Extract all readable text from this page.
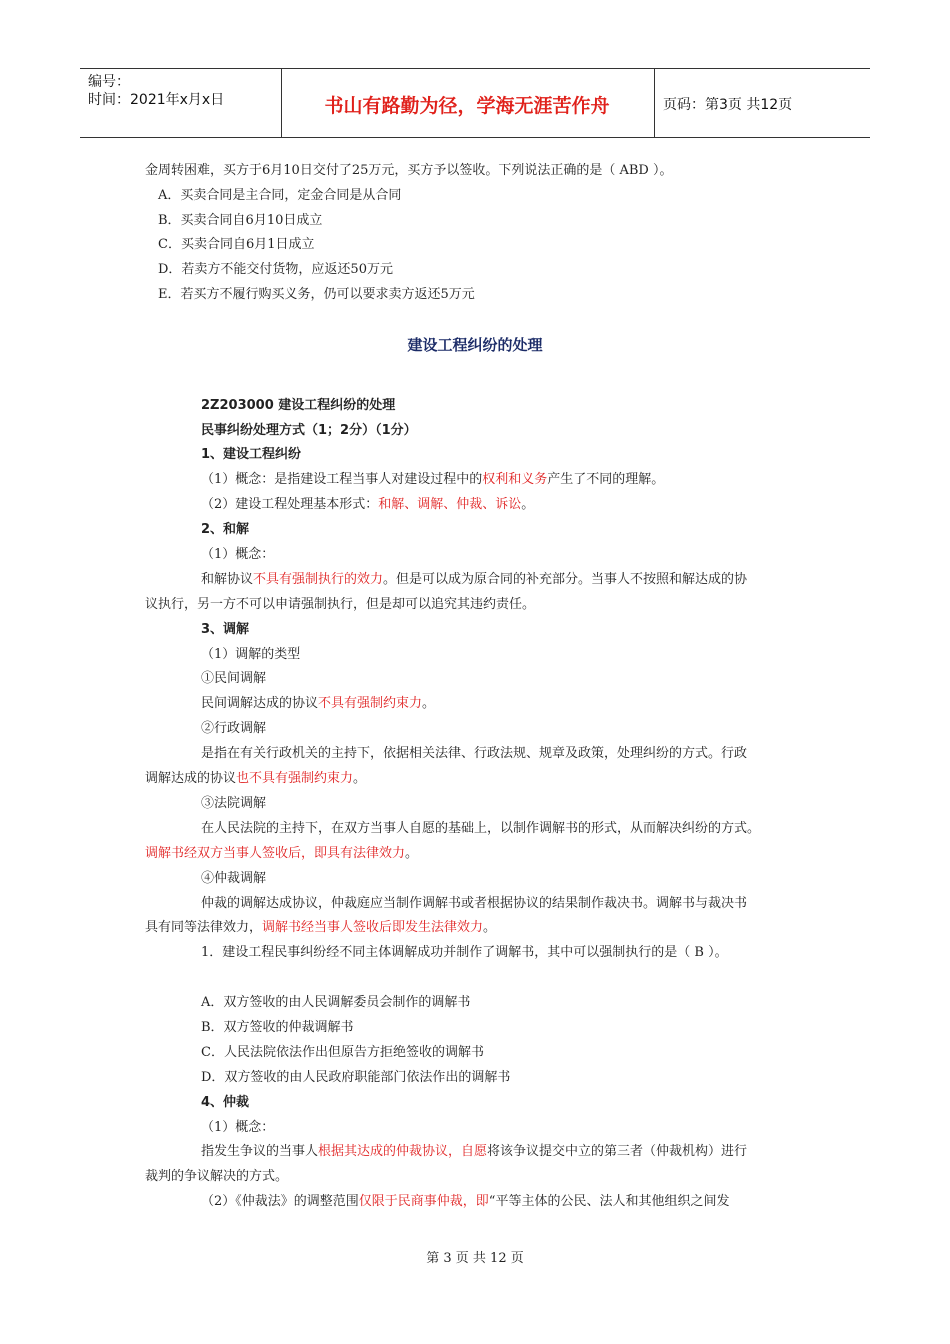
编号：
时间：2021年x月x日	书山有路勤为径，学海无涯苦作舟	页码：第3页 共12页
建设工程纠纷的处理
金周转困难，买方于6月10日交付了25万元，买方予以签收。下列说法正确的是（ ABD ）。
A．买卖合同是主合同，定金合同是从合同
B．买卖合同自6月10日成立
C．买卖合同自6月1日成立
D．若卖方不能交付货物，应返还50万元
E．若买方不履行购买义务，仍可以要求卖方返还5万元
2Z203000 建设工程纠纷的处理
民事纠纷处理方式（1；2分）（1分）
1、建设工程纠纷
（1）概念：是指建设工程当事人对建设过程中的权利和义务产生了不同的理解。
（2）建设工程处理基本形式：和解、调解、仲裁、诉讼。
2、和解
（1）概念：
和解协议不具有强制执行的效力。但是可以成为原合同的补充部分。当事人不按照和解达成的协
议执行，另一方不可以申请强制执行，但是却可以追究其违约责任。
3、调解
（1）调解的类型
①民间调解
民间调解达成的协议不具有强制约束力。
②行政调解
是指在有关行政机关的主持下，依据相关法律、行政法规、规章及政策，处理纠纷的方式。行政
调解达成的协议也不具有强制约束力。
③法院调解
在人民法院的主持下，在双方当事人自愿的基础上，以制作调解书的形式，从而解决纠纷的方式。
调解书经双方当事人签收后，即具有法律效力。
④仲裁调解
仲裁的调解达成协议，仲裁庭应当制作调解书或者根据协议的结果制作裁决书。调解书与裁决书
具有同等法律效力，调解书经当事人签收后即发生法律效力。
1．建设工程民事纠纷经不同主体调解成功并制作了调解书，其中可以强制执行的是（ B ）。
A．双方签收的由人民调解委员会制作的调解书
B．双方签收的仲裁调解书
C．人民法院依法作出但原告方拒绝签收的调解书
D．双方签收的由人民政府职能部门依法作出的调解书
4、仲裁
（1）概念：
指发生争议的当事人根据其达成的仲裁协议，自愿将该争议提交中立的第三者（仲裁机构）进行
裁判的争议解决的方式。
（2）《仲裁法》的调整范围仅限于民商事仲裁，即“平等主体的公民、法人和其他组织之间发
第 3 页 共 12 页
